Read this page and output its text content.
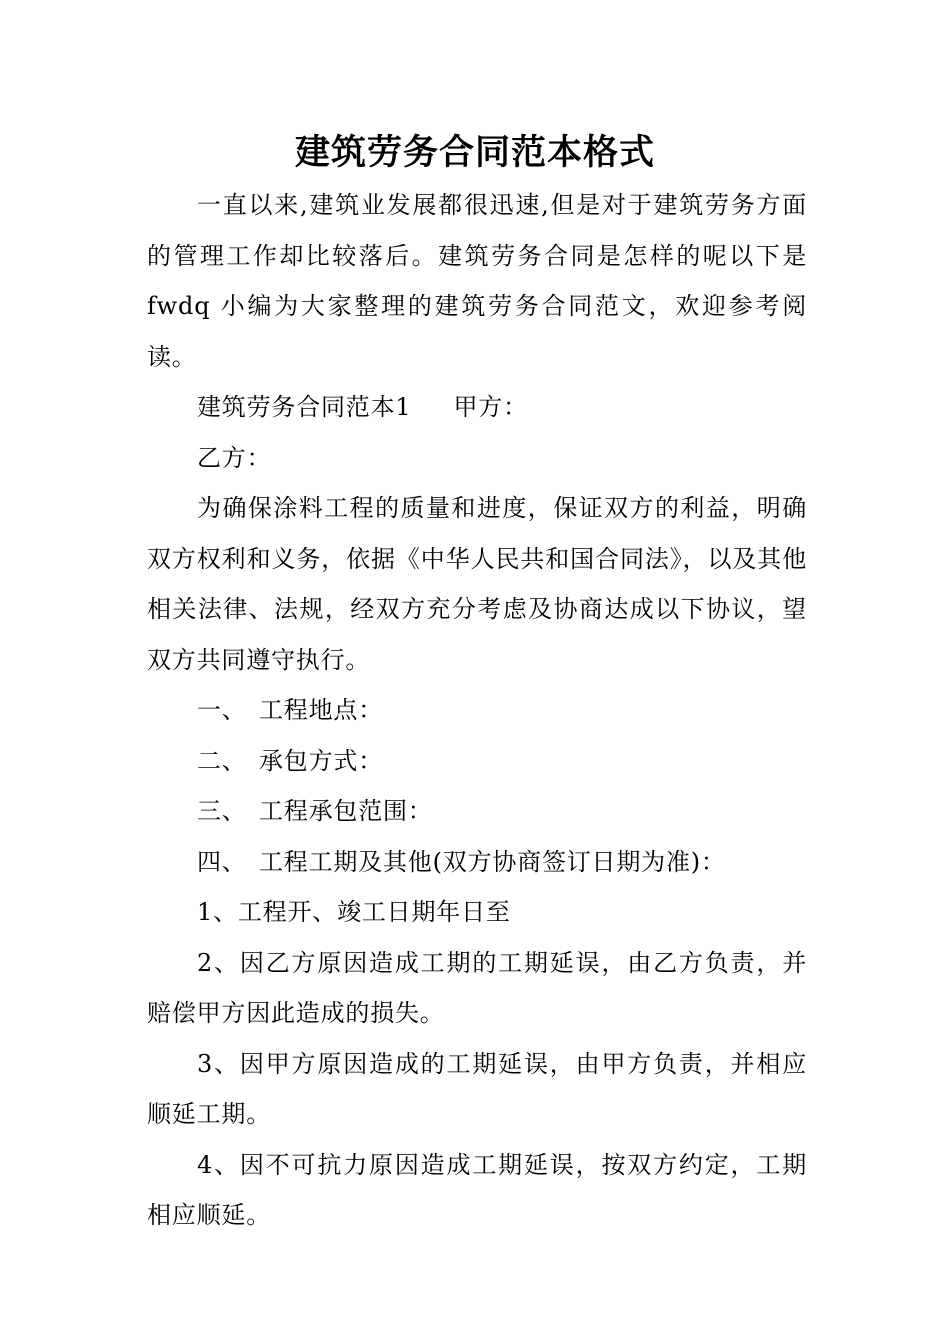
建筑劳务合同范本格式

一直以来,建筑业发展都很迅速,但是对于建筑劳务方面的管理工作却比较落后。建筑劳务合同是怎样的呢以下是fwdq 小编为大家整理的建筑劳务合同范文，欢迎参考阅读。

建筑劳务合同范本1 甲方：

乙方：

为确保涂料工程的质量和进度，保证双方的利益，明确双方权利和义务，依据《中华人民共和国合同法》，以及其他相关法律、法规，经双方充分考虑及协商达成以下协议，望双方共同遵守执行。

一、 工程地点：

二、 承包方式：

三、 工程承包范围：

四、 工程工期及其他(双方协商签订日期为准)：

1、工程开、竣工日期年日至

2、因乙方原因造成工期的工期延误，由乙方负责，并赔偿甲方因此造成的损失。

3、因甲方原因造成的工期延误，由甲方负责，并相应顺延工期。

4、因不可抗力原因造成工期延误，按双方约定，工期相应顺延。
